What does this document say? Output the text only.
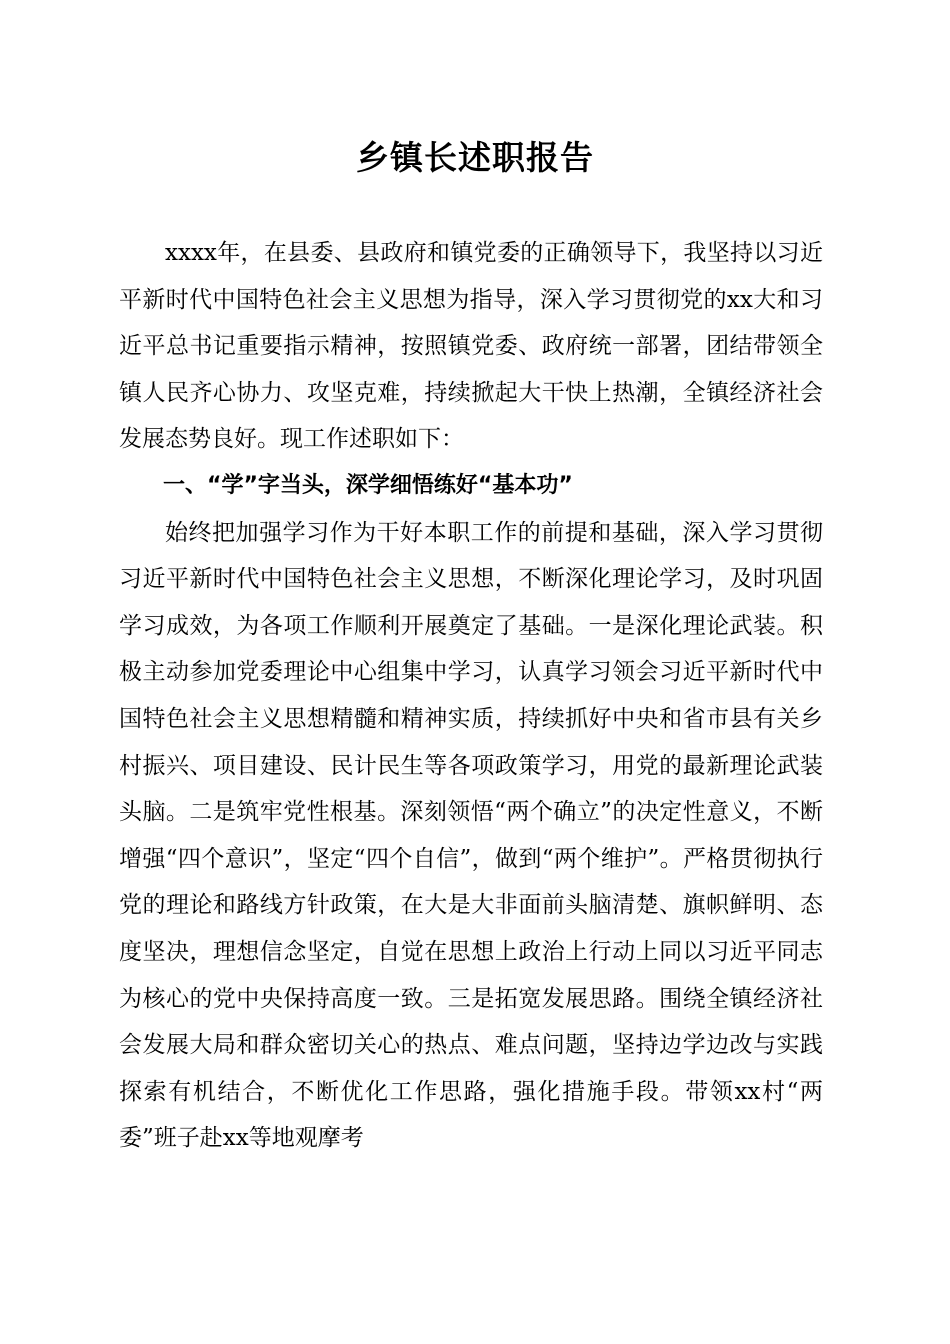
乡镇长述职报告

xxxx年，在县委、县政府和镇党委的正确领导下，我坚持以习近平新时代中国特色社会主义思想为指导，深入学习贯彻党的xx大和习近平总书记重要指示精神，按照镇党委、政府统一部署，团结带领全镇人民齐心协力、攻坚克难，持续掀起大干快上热潮，全镇经济社会发展态势良好。现工作述职如下：

一、“学”字当头，深学细悟练好“基本功”

始终把加强学习作为干好本职工作的前提和基础，深入学习贯彻习近平新时代中国特色社会主义思想，不断深化理论学习，及时巩固学习成效，为各项工作顺利开展奠定了基础。一是深化理论武装。积极主动参加党委理论中心组集中学习，认真学习领会习近平新时代中国特色社会主义思想精髓和精神实质，持续抓好中央和省市县有关乡村振兴、项目建设、民计民生等各项政策学习，用党的最新理论武装头脑。二是筑牢党性根基。深刻领悟“两个确立”的决定性意义，不断增强“四个意识”，坚定“四个自信”，做到“两个维护”。严格贯彻执行党的理论和路线方针政策，在大是大非面前头脑清楚、旗帜鲜明、态度坚决，理想信念坚定，自觉在思想上政治上行动上同以习近平同志为核心的党中央保持高度一致。三是拓宽发展思路。围绕全镇经济社会发展大局和群众密切关心的热点、难点问题，坚持边学边改与实践探索有机结合，不断优化工作思路，强化措施手段。带领xx村“两委”班子赴xx等地观摩考
